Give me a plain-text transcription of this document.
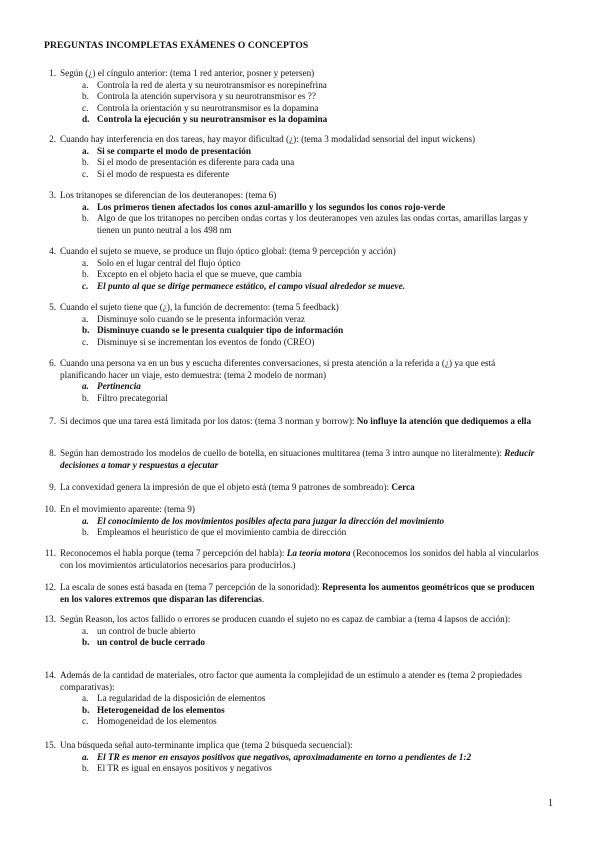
PREGUNTAS INCOMPLETAS EXÁMENES O CONCEPTOS
1. Según (¿) el cíngulo anterior: (tema 1 red anterior, posner y petersen)
a. Controla la red de alerta y su neurotransmisor es norepinefrina
b. Controla la atención supervisora y su neurotransmisor es ??
c. Controla la orientación y su neurotransmisor es la dopamina
d. Controla la ejecución y su neurotransmisor es la dopamina
2. Cuando hay interferencia en dos tareas, hay mayor dificultad (¿): (tema 3 modalidad sensorial del input wickens)
a. Si se comparte el modo de presentación
b. Si el modo de presentación es diferente para cada una
c. Si el modo de respuesta es diferente
3. Los tritanopes se diferencian de los deuteranopes: (tema 6)
a. Los primeros tienen afectados los conos azul-amarillo y los segundos los conos rojo-verde
b. Algo de que los tritanopes no perciben ondas cortas y los deuteranopes ven azules las ondas cortas, amarillas largas y tienen un punto neutral a los 498 nm
4. Cuando el sujeto se mueve, se produce un flujo óptico global: (tema 9 percepción y acción)
a. Solo en el lugar central del flujo óptico
b. Excepto en el objeto hacia el que se mueve, que cambia
c. El punto al que se dirige permanece estático, el campo visual alrededor se mueve.
5. Cuando el sujeto tiene que (¿), la función de decremento: (tema 5 feedback)
a. Disminuye solo cuando se le presenta información veraz
b. Disminuye cuando se le presenta cualquier tipo de información
c. Disminuye si se incrementan los eventos de fondo (CREO)
6. Cuando una persona va en un bus y escucha diferentes conversaciones, si presta atención a la referida a (¿) ya que está planificando hacer un viaje, esto demuestra: (tema 2 modelo de norman)
a. Pertinencia
b. Filtro precategorial
7. Si decimos que una tarea está limitada por los datos: (tema 3 norman y borrow): No influye la atención que dediquemos a ella
8. Según han demostrado los modelos de cuello de botella, en situaciones multitarea (tema 3 intro aunque no literalmente): Reducir decisiones a tomar y respuestas a ejecutar
9. La convexidad genera la impresión de que el objeto está (tema 9 patrones de sombreado): Cerca
10. En el movimiento aparente: (tema 9)
a. El conocimiento de los movimientos posibles afecta para juzgar la dirección del movimiento
b. Empleamos el heurístico de que el movimiento cambia de dirección
11. Reconocemos el habla porque (tema 7 percepción del habla): La teoría motora (Reconocemos los sonidos del habla al vincularlos con los movimientos articulatorios necesarios para producirlos.)
12. La escala de sones está basada en (tema 7 percepción de la sonoridad): Representa los aumentos geométricos que se producen en los valores extremos que disparan las diferencias.
13. Según Reason, los actos fallido o errores se producen cuando el sujeto no es capaz de cambiar a (tema 4 lapsos de acción):
a. un control de bucle abierto
b. un control de bucle cerrado
14. Además de la cantidad de materiales, otro factor que aumenta la complejidad de un estímulo a atender es (tema 2 propiedades comparativas):
a. La regularidad de la disposición de elementos
b. Heterogeneidad de los elementos
c. Homogeneidad de los elementos
15. Una búsqueda señal auto-terminante implica que (tema 2 búsqueda secuencial):
a. El TR es menor en ensayos positivos que negativos, aproximadamente en torno a pendientes de 1:2
b. El TR es igual en ensayos positivos y negativos
1
